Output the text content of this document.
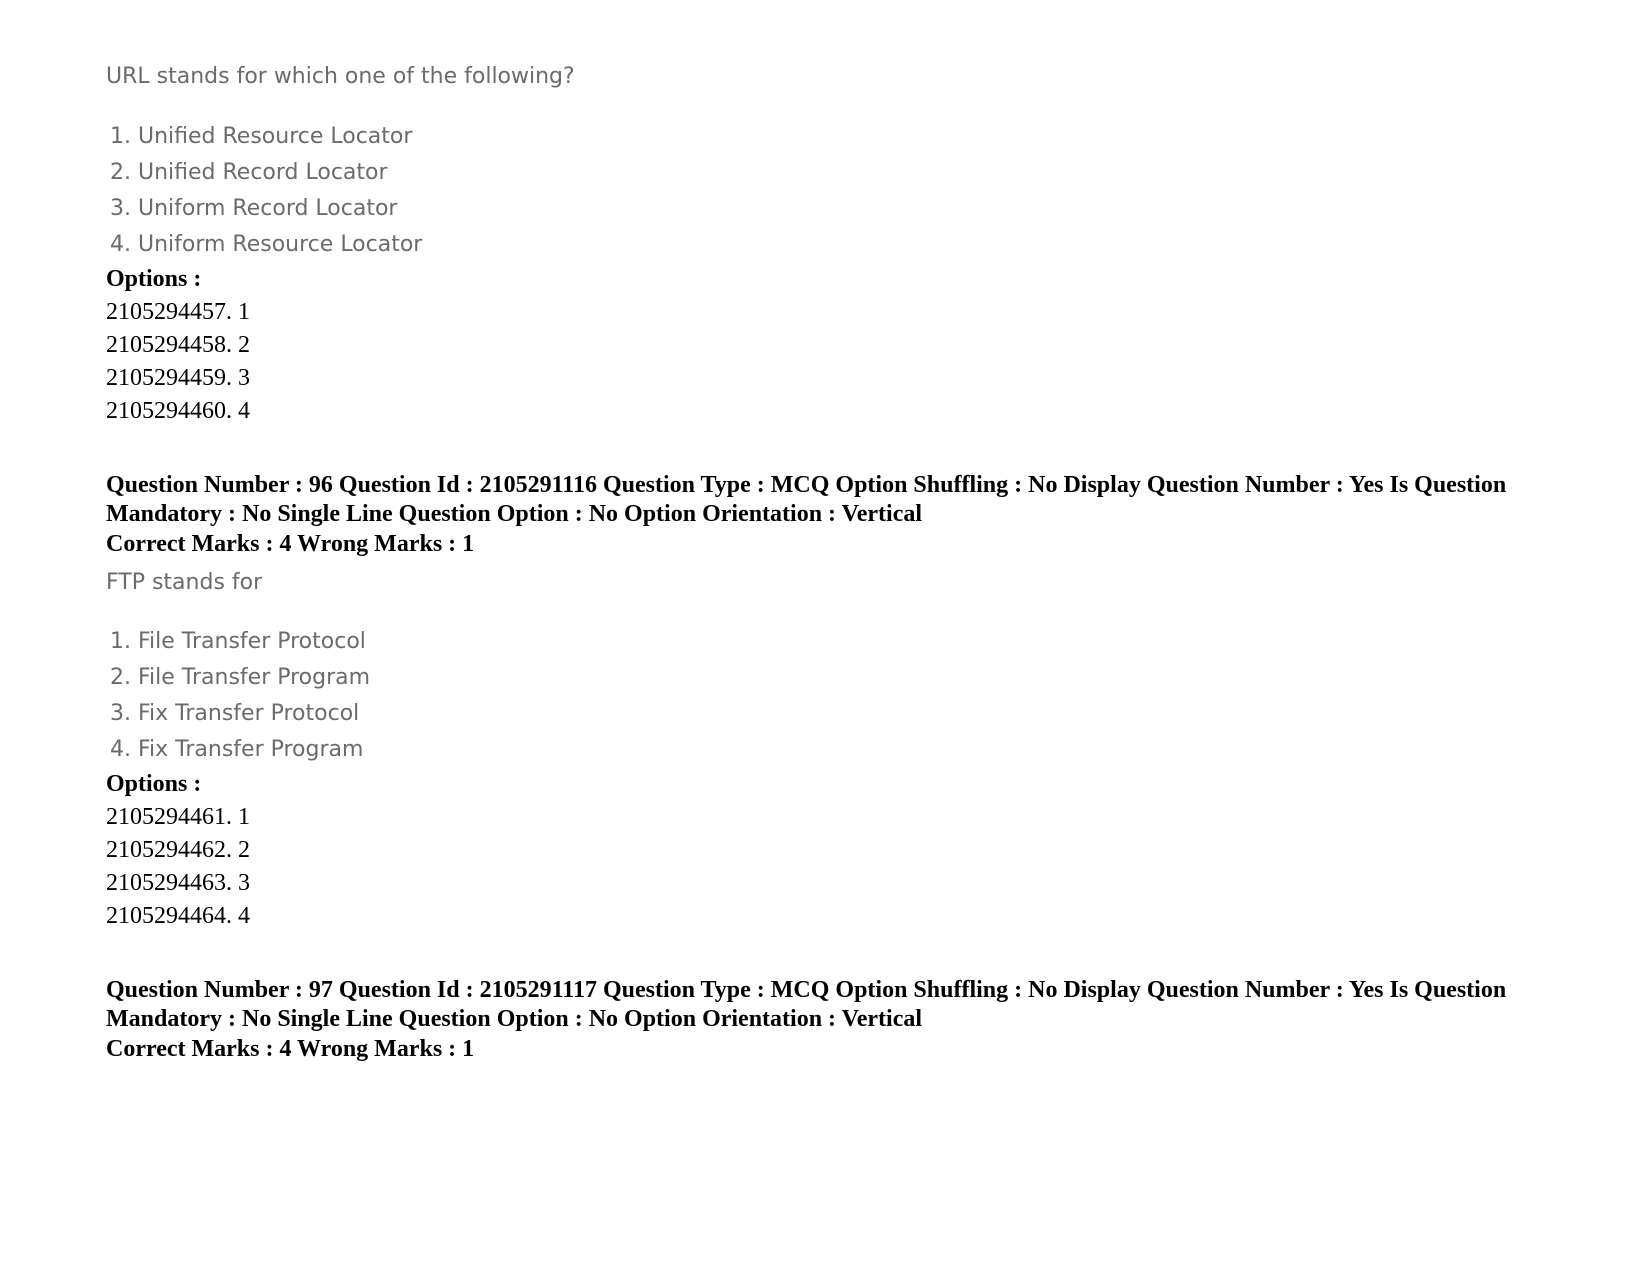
URL stands for which one of the following?
1. Unified Resource Locator
2. Unified Record Locator
3. Uniform Record Locator
4. Uniform Resource Locator
Options :
2105294457. 1
2105294458. 2
2105294459. 3
2105294460. 4
Question Number : 96 Question Id : 2105291116 Question Type : MCQ Option Shuffling : No Display Question Number : Yes Is Question Mandatory : No Single Line Question Option : No Option Orientation : Vertical
Correct Marks : 4 Wrong Marks : 1
FTP stands for
1. File Transfer Protocol
2. File Transfer Program
3. Fix Transfer Protocol
4. Fix Transfer Program
Options :
2105294461. 1
2105294462. 2
2105294463. 3
2105294464. 4
Question Number : 97 Question Id : 2105291117 Question Type : MCQ Option Shuffling : No Display Question Number : Yes Is Question Mandatory : No Single Line Question Option : No Option Orientation : Vertical
Correct Marks : 4 Wrong Marks : 1
